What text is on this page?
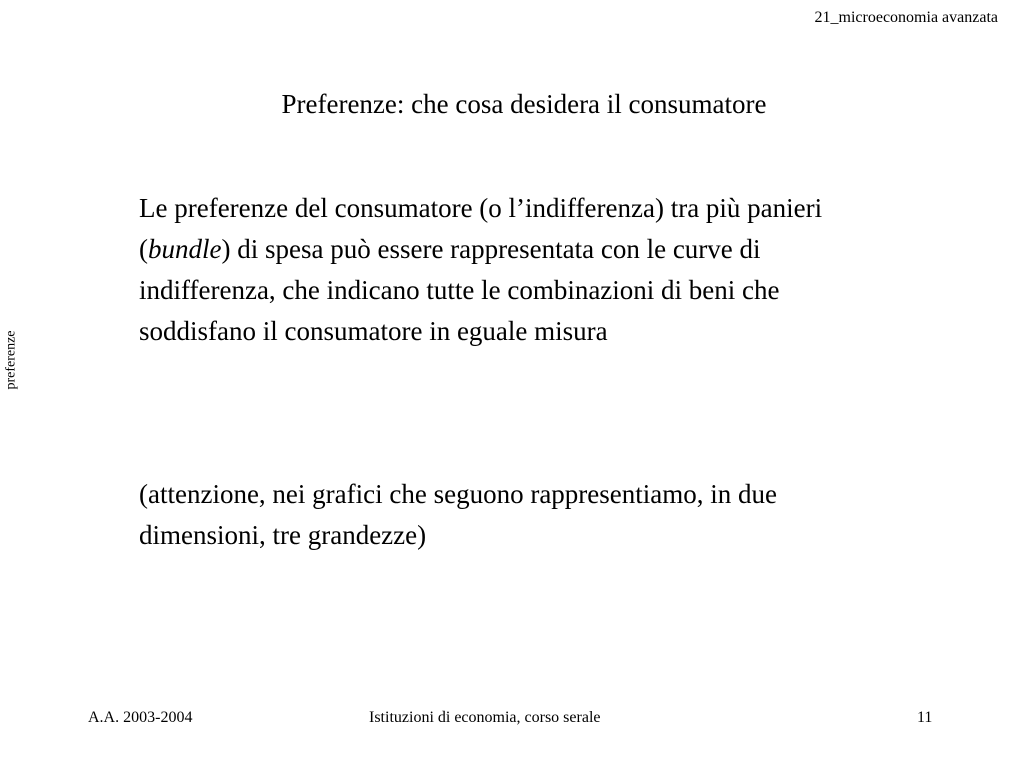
21_microeconomia avanzata
preferenze
Preferenze: che cosa desidera il consumatore

Le preferenze del consumatore (o l’indifferenza) tra più panieri (bundle) di spesa può essere rappresentata con le curve di indifferenza, che indicano tutte le combinazioni di beni che soddisfano il consumatore in eguale misura

(attenzione, nei grafici che seguono rappresentiamo, in due dimensioni, tre grandezze)

A.A. 2003-2004	Istituzioni di economia, corso serale	11
